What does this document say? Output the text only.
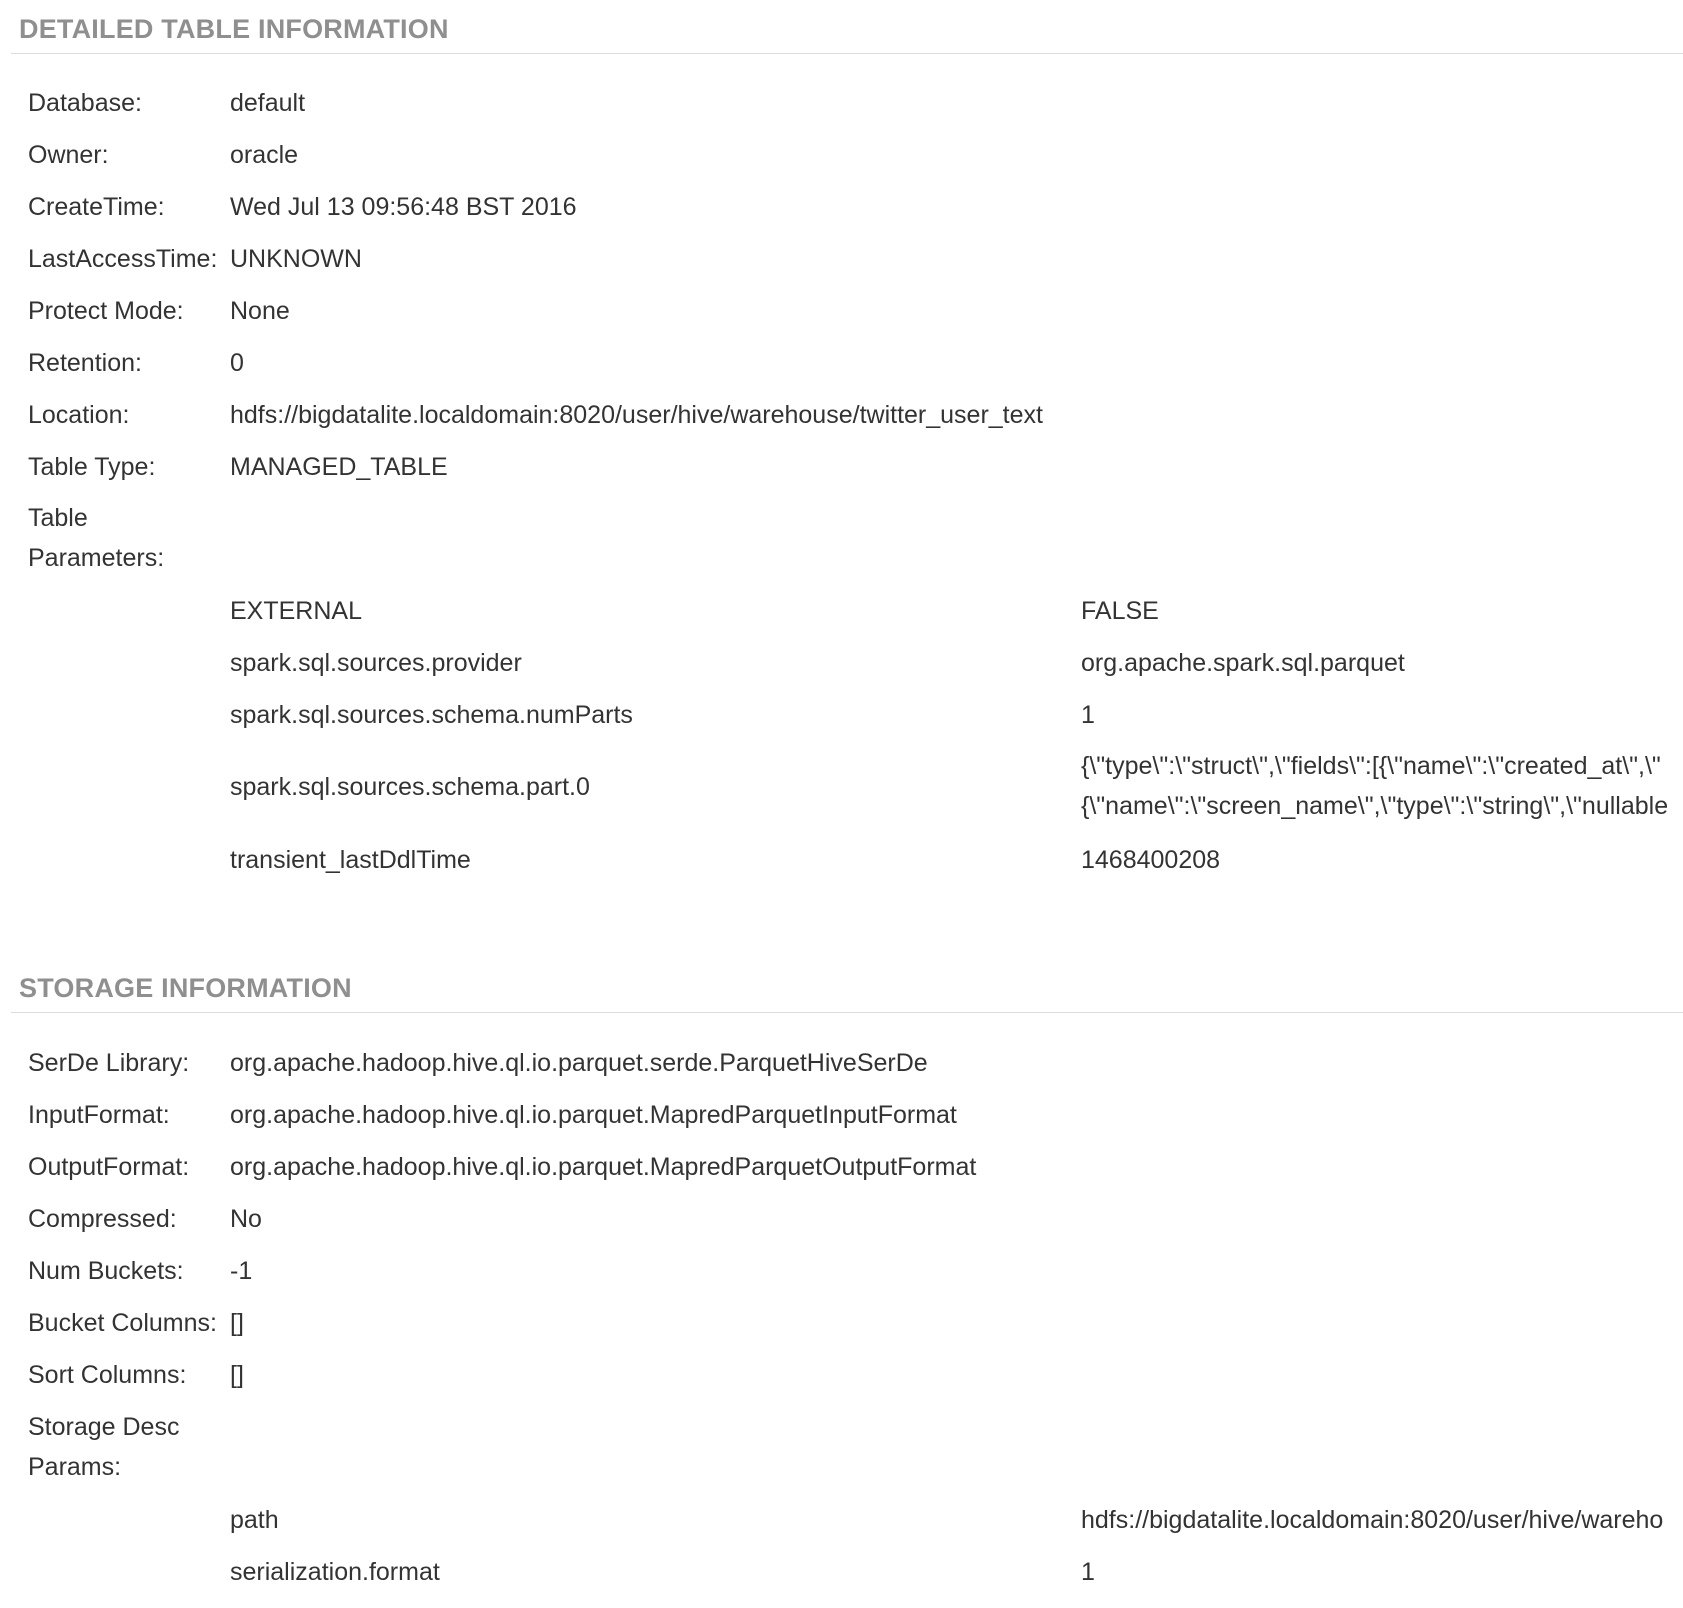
DETAILED TABLE INFORMATION
Database:	default
Owner:	oracle
CreateTime:	Wed Jul 13 09:56:48 BST 2016
LastAccessTime: UNKNOWN
Protect Mode: None
Retention:	0
Location:	hdfs://bigdatalite.localdomain:8020/user/hive/warehouse/twitter_user_text
Table Type:	MANAGED_TABLE
Table Parameters:
EXTERNAL	FALSE
spark.sql.sources.provider	org.apache.spark.sql.parquet
spark.sql.sources.schema.numParts	1
spark.sql.sources.schema.part.0
{\"type\":\"struct\",\"fields\":[{\"name\":\"created_at\",\"
{\"name\":\"screen_name\",\"type\":\"string\",\"nullable
transient_lastDdlTime	1468400208
STORAGE INFORMATION
SerDe Library: org.apache.hadoop.hive.ql.io.parquet.serde.ParquetHiveSerDe
InputFormat: org.apache.hadoop.hive.ql.io.parquet.MapredParquetInputFormat
OutputFormat: org.apache.hadoop.hive.ql.io.parquet.MapredParquetOutputFormat
Compressed: No
Num Buckets: -1
Bucket Columns: []
Sort Columns: []
Storage Desc Params:
path	hdfs://bigdatalite.localdomain:8020/user/hive/wareho
serialization.format	1
